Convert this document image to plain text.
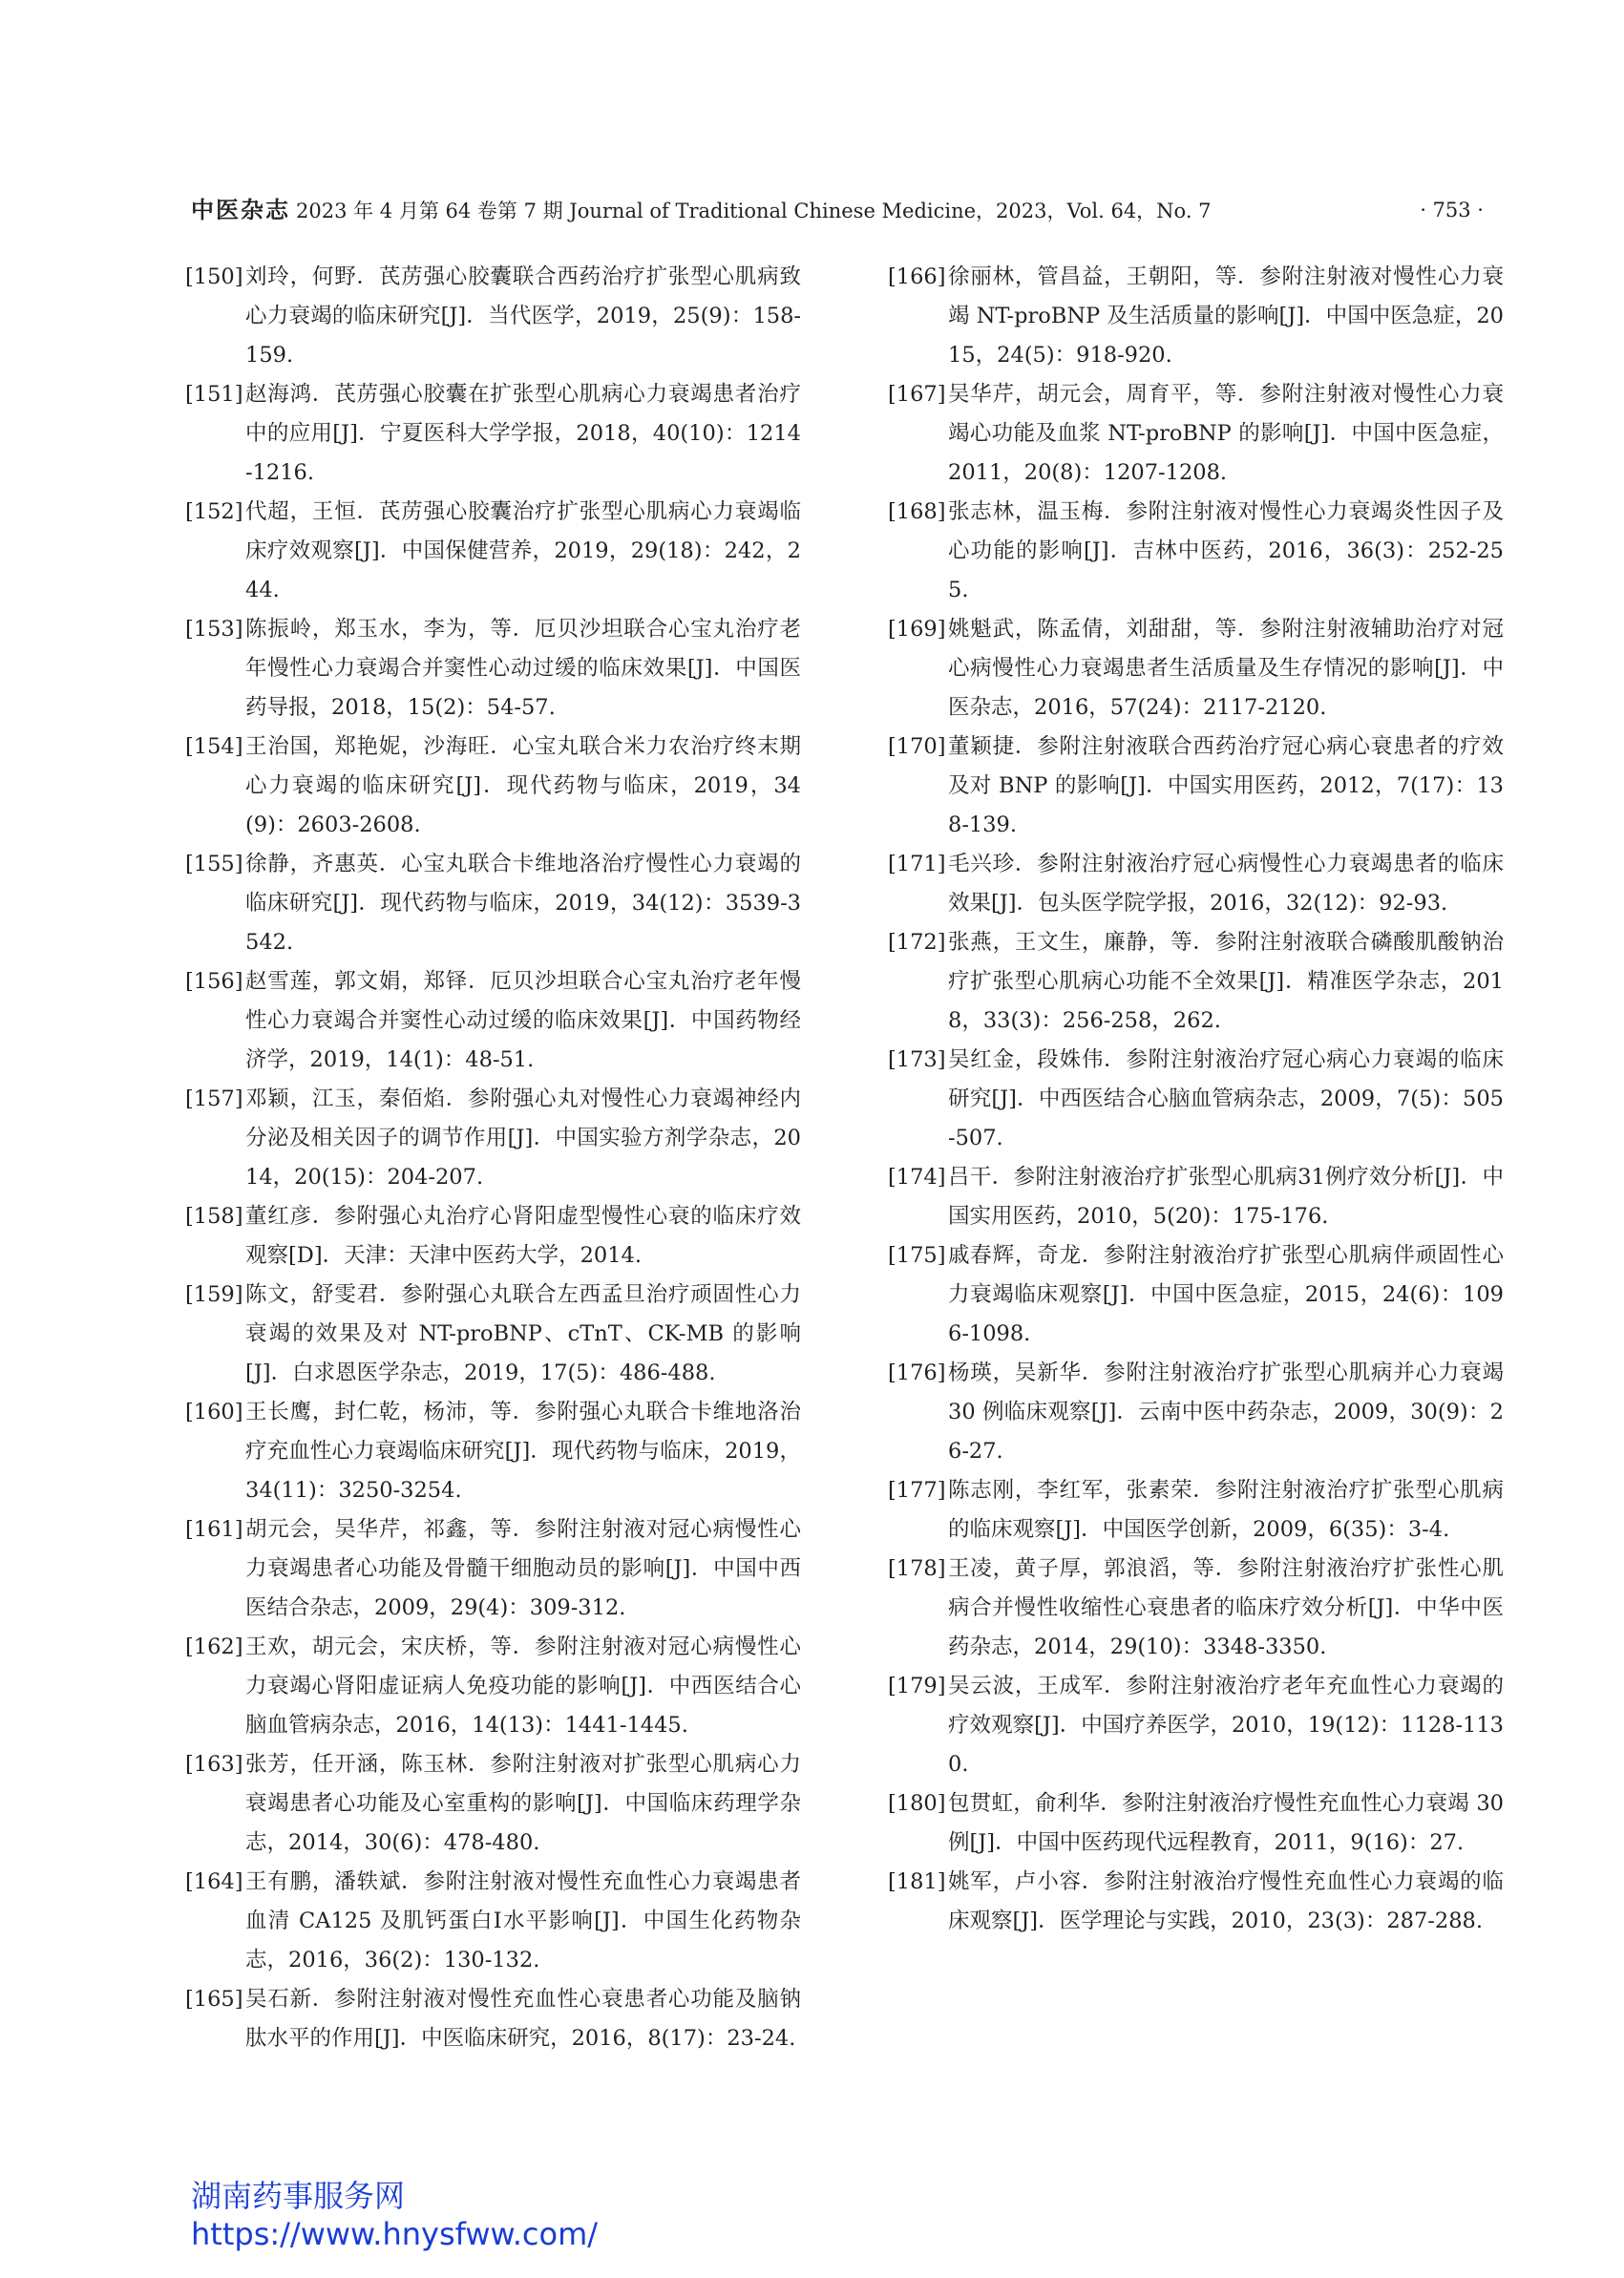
中医杂志 2023 年 4 月第 64 卷第 7 期 Journal of Traditional Chinese Medicine，2023，Vol. 64，No. 7	· 753 ·

[150] 刘玲，何野．芪苈强心胶囊联合西药治疗扩张型心肌病致心力衰竭的临床研究[J]．当代医学，2019，25(9)：158-159.

[151] 赵海鸿．芪苈强心胶囊在扩张型心肌病心力衰竭患者治疗中的应用[J]．宁夏医科大学学报，2018，40(10)：1214-1216.

[152] 代超，王恒．芪苈强心胶囊治疗扩张型心肌病心力衰竭临床疗效观察[J]．中国保健营养，2019，29(18)：242，244.

[153] 陈振岭，郑玉水，李为，等．厄贝沙坦联合心宝丸治疗老年慢性心力衰竭合并窦性心动过缓的临床效果[J]．中国医药导报，2018，15(2)：54-57.

[154] 王治国，郑艳妮，沙海旺．心宝丸联合米力农治疗终末期心力衰竭的临床研究[J]．现代药物与临床，2019，34(9)：2603-2608.

[155] 徐静，齐惠英．心宝丸联合卡维地洛治疗慢性心力衰竭的临床研究[J]．现代药物与临床，2019，34(12)：3539-3542.

[156] 赵雪莲，郭文娟，郑铎．厄贝沙坦联合心宝丸治疗老年慢性心力衰竭合并窦性心动过缓的临床效果[J]．中国药物经济学，2019，14(1)：48-51.

[157] 邓颖，江玉，秦佰焰．参附强心丸对慢性心力衰竭神经内分泌及相关因子的调节作用[J]．中国实验方剂学杂志，2014，20(15)：204-207.

[158] 董红彦．参附强心丸治疗心肾阳虚型慢性心衰的临床疗效观察[D]．天津：天津中医药大学，2014.

[159] 陈文，舒雯君．参附强心丸联合左西孟旦治疗顽固性心力衰竭的效果及对 NT-proBNP、cTnT、CK-MB 的影响[J]．白求恩医学杂志，2019，17(5)：486-488.

[160] 王长鹰，封仁乾，杨沛，等．参附强心丸联合卡维地洛治疗充血性心力衰竭临床研究[J]．现代药物与临床，2019，34(11)：3250-3254.

[161] 胡元会，吴华芹，祁鑫，等．参附注射液对冠心病慢性心力衰竭患者心功能及骨髓干细胞动员的影响[J]．中国中西医结合杂志，2009，29(4)：309-312.

[162] 王欢，胡元会，宋庆桥，等．参附注射液对冠心病慢性心力衰竭心肾阳虚证病人免疫功能的影响[J]．中西医结合心脑血管病杂志，2016，14(13)：1441-1445.

[163] 张芳，任开涵，陈玉林．参附注射液对扩张型心肌病心力衰竭患者心功能及心室重构的影响[J]．中国临床药理学杂志，2014，30(6)：478-480.

[164] 王有鹏，潘轶斌．参附注射液对慢性充血性心力衰竭患者血清 CA125 及肌钙蛋白Ⅰ水平影响[J]．中国生化药物杂志，2016，36(2)：130-132.

[165] 吴石新．参附注射液对慢性充血性心衰患者心功能及脑钠肽水平的作用[J]．中医临床研究，2016，8(17)：23-24.

[166] 徐丽林，管昌益，王朝阳，等．参附注射液对慢性心力衰竭 NT-proBNP 及生活质量的影响[J]．中国中医急症，2015，24(5)：918-920.

[167] 吴华芹，胡元会，周育平，等．参附注射液对慢性心力衰竭心功能及血浆 NT-proBNP 的影响[J]．中国中医急症，2011，20(8)：1207-1208.

[168] 张志林，温玉梅．参附注射液对慢性心力衰竭炎性因子及心功能的影响[J]．吉林中医药，2016，36(3)：252-255.

[169] 姚魁武，陈孟倩，刘甜甜，等．参附注射液辅助治疗对冠心病慢性心力衰竭患者生活质量及生存情况的影响[J]．中医杂志，2016，57(24)：2117-2120.

[170] 董颖捷．参附注射液联合西药治疗冠心病心衰患者的疗效及对 BNP 的影响[J]．中国实用医药，2012，7(17)：138-139.

[171] 毛兴珍．参附注射液治疗冠心病慢性心力衰竭患者的临床效果[J]．包头医学院学报，2016，32(12)：92-93.

[172] 张燕，王文生，廉静，等．参附注射液联合磷酸肌酸钠治疗扩张型心肌病心功能不全效果[J]．精准医学杂志，2018，33(3)：256-258，262.

[173] 吴红金，段姝伟．参附注射液治疗冠心病心力衰竭的临床研究[J]．中西医结合心脑血管病杂志，2009，7(5)：505-507.

[174] 吕干．参附注射液治疗扩张型心肌病31例疗效分析[J]．中国实用医药，2010，5(20)：175-176.

[175] 戚春辉，奇龙．参附注射液治疗扩张型心肌病伴顽固性心力衰竭临床观察[J]．中国中医急症，2015，24(6)：1096-1098.

[176] 杨瑛，吴新华．参附注射液治疗扩张型心肌病并心力衰竭 30 例临床观察[J]．云南中医中药杂志，2009，30(9)：26-27.

[177] 陈志刚，李红军，张素荣．参附注射液治疗扩张型心肌病的临床观察[J]．中国医学创新，2009，6(35)：3-4.

[178] 王凌，黄子厚，郭浪滔，等．参附注射液治疗扩张性心肌病合并慢性收缩性心衰患者的临床疗效分析[J]．中华中医药杂志，2014，29(10)：3348-3350.

[179] 吴云波，王成军．参附注射液治疗老年充血性心力衰竭的疗效观察[J]．中国疗养医学，2010，19(12)：1128-1130.

[180] 包贯虹，俞利华．参附注射液治疗慢性充血性心力衰竭 30 例[J]．中国中医药现代远程教育，2011，9(16)：27.

[181] 姚军，卢小容．参附注射液治疗慢性充血性心力衰竭的临床观察[J]．医学理论与实践，2010，23(3)：287-288.

湖南药事服务网
https://www.hnysfww.com/
